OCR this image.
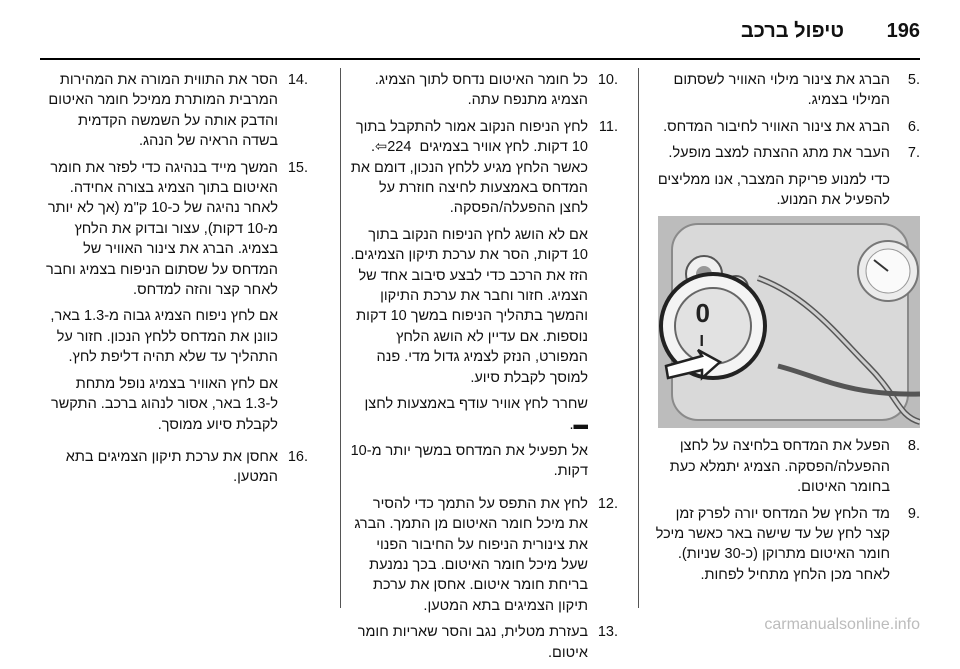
196
טיפול ברכב
.5
הברג את צינור מילוי האוויר לשסתום המילוי בצמיג.
.6
הברג את צינור האוויר לחיבור המדחס.
.7
העבר את מתג ההצתה למצב מופעל.

כדי למנוע פריקת המצבר, אנו ממליצים להפעיל את המנוע.

0
I
.8
הפעל את המדחס בלחיצה על לחצן ההפעלה/הפסקה. הצמיג יתמלא כעת בחומר האיטום.
.9
מד הלחץ של המדחס יורה לפרק זמן קצר לחץ של עד שישה באר כאשר מיכל חומר האיטום מתרוקן (כ-30 שניות). לאחר מכן הלחץ מתחיל לפחות.
.10
כל חומר האיטום נדחס לתוך הצמיג. הצמיג מתנפח עתה.
.11

לחץ הניפוח הנקוב אמור להתקבל בתוך 10 דקות. לחץ אוויר בצמיגים ‎224 ‎⇦. כאשר הלחץ מגיע ללחץ הנכון, דומם את המדחס באמצעות לחיצה חוזרת על לחצן ההפעלה/הפסקה.

אם לא הושג לחץ הניפוח הנקוב בתוך 10 דקות, הסר את ערכת תיקון הצמיגים. הזז את הרכב כדי לבצע סיבוב אחד של הצמיג. חזור וחבר את ערכת התיקון והמשך בתהליך הניפוח במשך 10 דקות נוספות. אם עדיין לא הושג הלחץ המפורט, הנזק לצמיג גדול מדי. פנה למוסך לקבלת סיוע.

שחרר לחץ אוויר עודף באמצעות לחצן ‎▬.

אל תפעיל את המדחס במשך יותר מ-10 דקות.

.12
לחץ את התפס על התמך כדי להסיר את מיכל חומר האיטום מן התמך. הברג את צינורית הניפוח על החיבור הפנוי שעל מיכל חומר האיטום. בכך נמנעת בריחת חומר איטום. אחסן את ערכת תיקון הצמיגים בתא המטען.
.13
בעזרת מטלית, נגב והסר שאריות חומר איטום.
.14
הסר את התווית המורה את המהירות המרבית המותרת ממיכל חומר האיטום והדבק אותה על השמשה הקדמית בשדה הראיה של הנהג.
.15

המשך מייד בנהיגה כדי לפזר את חומר האיטום בתוך הצמיג בצורה אחידה. לאחר נהיגה של כ-10 ק"מ (אך לא יותר מ-10 דקות), עצור ובדוק את הלחץ בצמיג. הברג את צינור האוויר של המדחס על שסתום הניפוח בצמיג וחבר לאחר קצר והזה למדחס.

אם לחץ ניפוח הצמיג גבוה מ-1.3 באר, כוונן את המדחס ללחץ הנכון. חזור על התהליך עד שלא תהיה דליפת לחץ.

אם לחץ האוויר בצמיג נופל מתחת ל-1.3 באר, אסור לנהוג ברכב. התקשר לקבלת סיוע ממוסך.

.16
אחסן את ערכת תיקון הצמיגים בתא המטען.
carmanualsonline.info
